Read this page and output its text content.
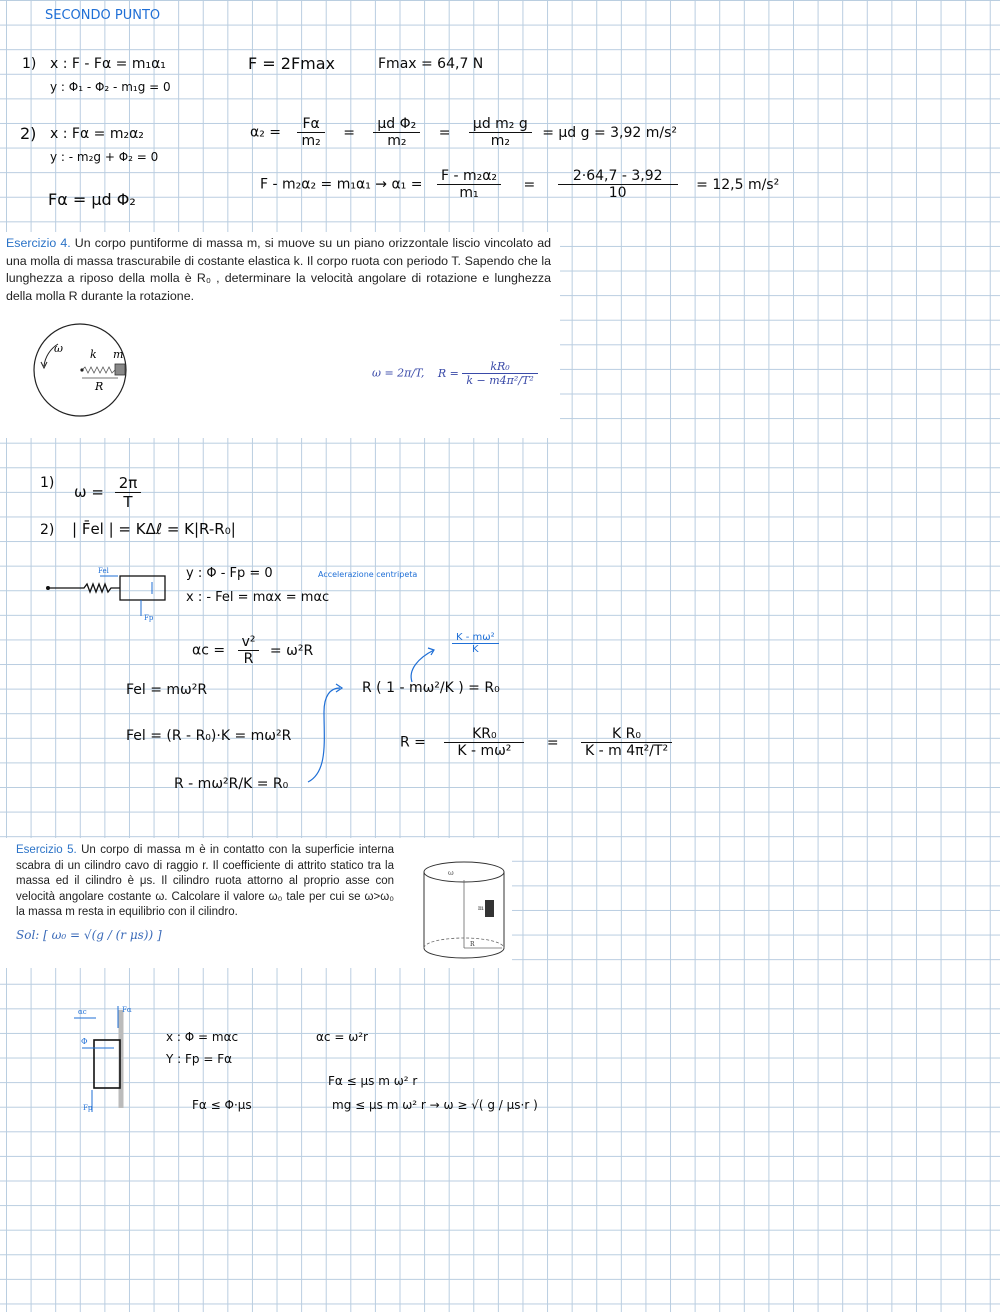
SECONDO PUNTO
1) x : F - Fα = m₁α₁
y : Φ₁ - Φ₂ - m₁g = 0
F = 2Fmax	Fmax = 64,7 N
2) x : Fα = m₂α₂
y : - m₂g + Φ₂ = 0
Fα = μd Φ₂
$\alpha_2 = \frac{F\alpha}{\text{m₂}} = \frac{\text{μd Φ₂}}{\text{m₂}} = \frac{\text{μd m₂ g}}{\text{m₂}} = \mu d$ g = 3,92 m/s²
$F - m_2\alpha_2 = m_1\alpha_1 \to \alpha_1 = \frac{\text{F - m₂α₂}}{\text{m₁}} = \frac{2\cdot 64,7 - 3,92}{10} = 12,5$ m/s²
Esercizio 4. Un corpo puntiforme di massa m, si muove su un piano orizzontale liscio vincolato ad una molla di massa trascurabile di costante elastica k. Il corpo ruota con periodo T. Sapendo che la lunghezza a riposo della molla è R₀ , determinare la velocità angolare di rotazione e lunghezza della molla R durante la rotazione.
ω k m
R
ω = 2π/T, $R = \frac{\text{kR₀}}{\text{k − m4π²/T²}}$
1) $\omega = \frac{2\pi}{T}$
2) | F̄el | = KΔℓ = K|R-R₀|
Fel
Fp
y : Φ - Fp = 0
x : - Fel = mαx = mαc
Accelerazione centripeta
$\alpha c = \frac{\text{v²}}{R} = \omega^2R$	$\frac{\text{K - mω²}}{K}$
Fel = mω²R	R ( 1 - mω²/K ) = R₀
Fel = (R - R₀)·K = mω²R	$R = \frac{\text{KR₀}}{\text{K - mω²}} = \frac{\text{K R₀}}{\text{K - m 4π²/T²}}$
R - mω²R/K = R₀
Esercizio 5. Un corpo di massa m è in contatto con la superficie interna scabra di un cilindro cavo di raggio r. Il coefficiente di attrito statico tra la massa ed il cilindro è μs. Il cilindro ruota attorno al proprio asse con velocità angolare costante ω. Calcolare il valore ω₀ tale per cui se ω>ω₀ la massa m resta in equilibrio con il cilindro.
Sol: [ ω₀ = √(g / (r μs)) ]
ω
m
R
αc	Fα
Φ
Fp
x : Φ = mαc
Y : Fp = Fα
αc = ω²r
Fα ≤ Φ·μs
Fα ≤ μs m ω² r
mg ≤ μs m ω² r → ω ≥ √( g / μs·r )
